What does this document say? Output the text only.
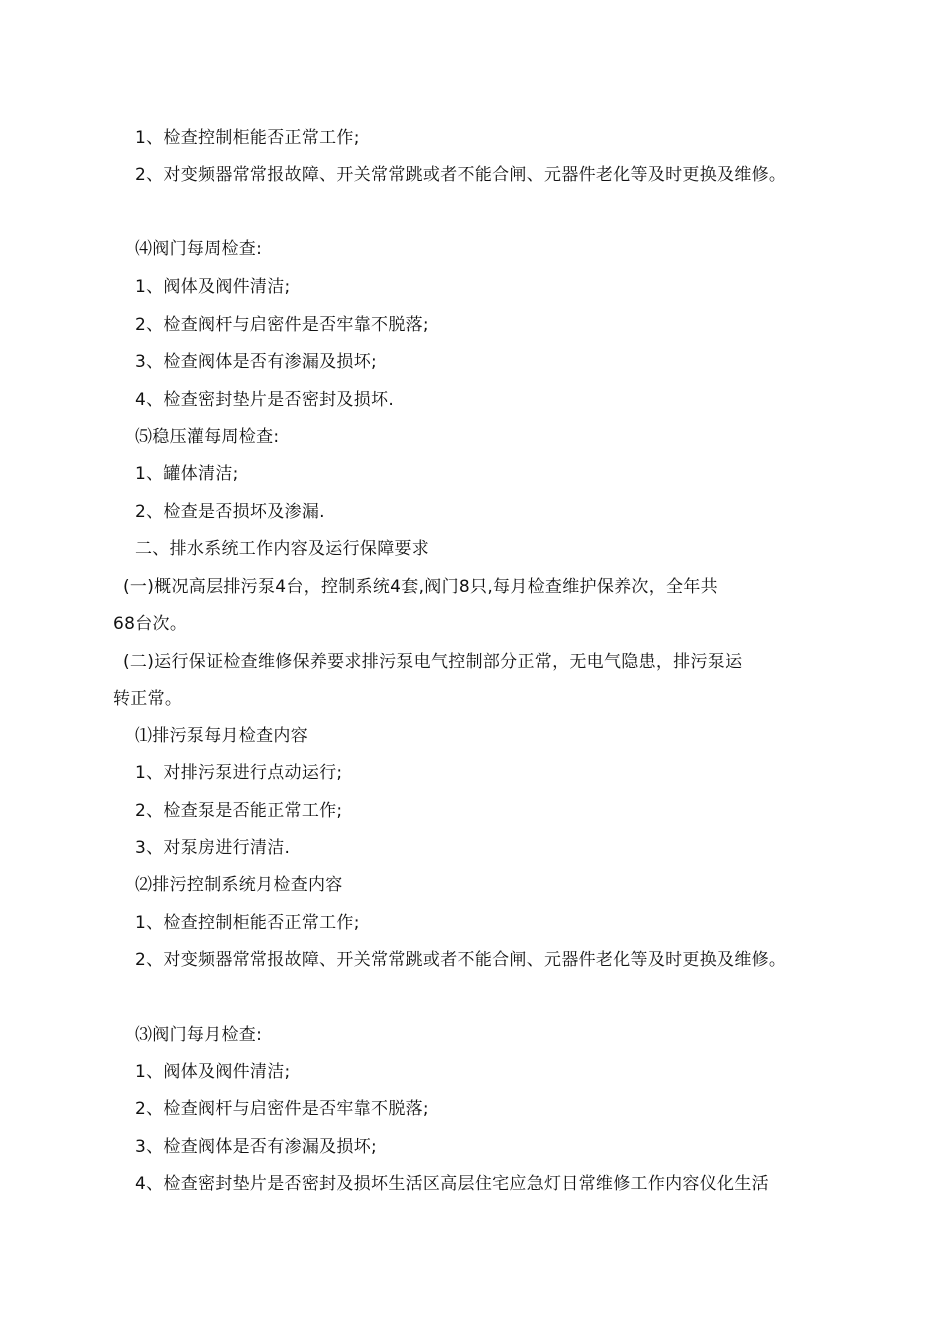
1、检查控制柜能否正常工作;
2、对变频器常常报故障、开关常常跳或者不能合闸、元器件老化等及时更换及维修。
⑷阀门每周检查:
1、阀体及阀件清洁;
2、检查阀杆与启密件是否牢靠不脱落;
3、检查阀体是否有渗漏及损坏;
4、检查密封垫片是否密封及损坏.
⑸稳压灌每周检查:
1、罐体清洁;
2、检查是否损坏及渗漏.
二、排水系统工作内容及运行保障要求
(一)概况高层排污泵4台，控制系统4套,阀门8只,每月检查维护保养次，全年共
68台次。
(二)运行保证检查维修保养要求排污泵电气控制部分正常，无电气隐患，排污泵运
转正常。
⑴排污泵每月检查内容
1、对排污泵进行点动运行;
2、检查泵是否能正常工作;
3、对泵房进行清洁.
⑵排污控制系统月检查内容
1、检查控制柜能否正常工作;
2、对变频器常常报故障、开关常常跳或者不能合闸、元器件老化等及时更换及维修。
⑶阀门每月检查:
1、阀体及阀件清洁;
2、检查阀杆与启密件是否牢靠不脱落;
3、检查阀体是否有渗漏及损坏;
4、检查密封垫片是否密封及损坏生活区高层住宅应急灯日常维修工作内容仪化生活
